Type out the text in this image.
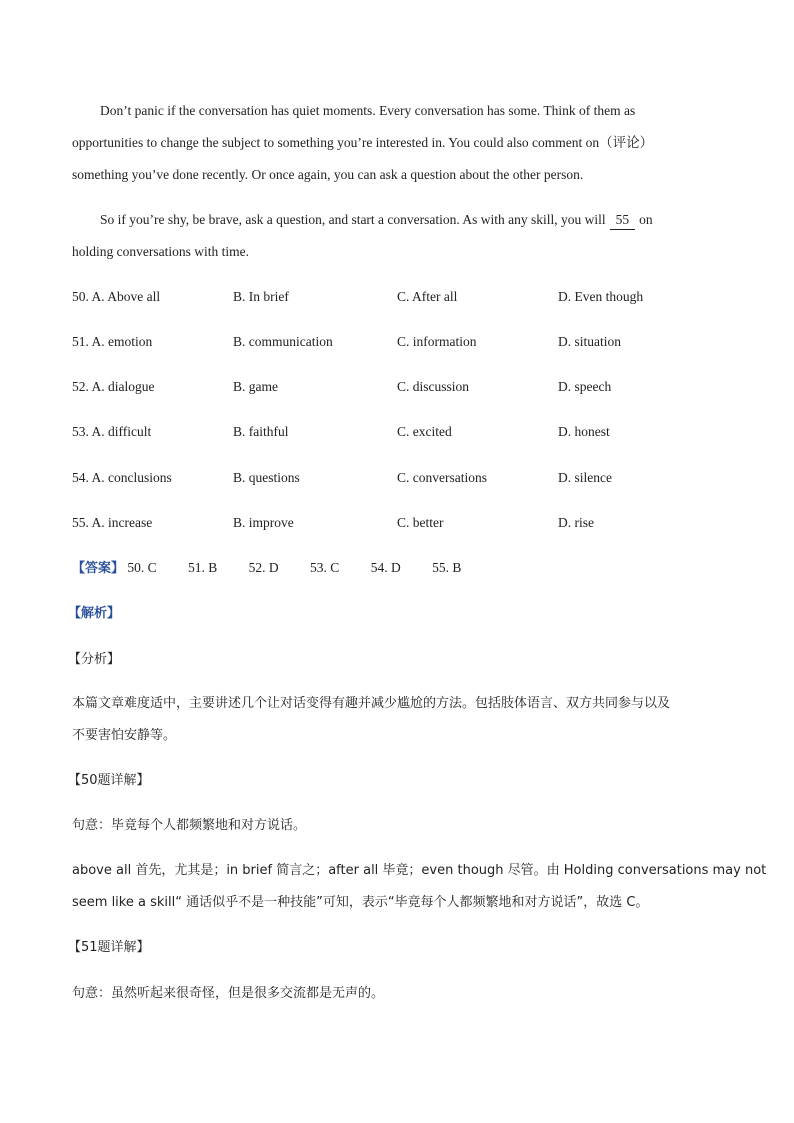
Don’t panic if the conversation has quiet moments. Every conversation has some. Think of them as
opportunities to change the subject to something you’re interested in. You could also comment on（评论）
something you’ve done recently. Or once again, you can ask a question about the other person.
So if you’re shy, be brave, ask a question, and start a conversation. As with any skill, you will 55 on
holding conversations with time.
50. A. Above all	B. In brief	C. After all	D. Even though
51. A. emotion	B. communication	C. information	D. situation
52. A. dialogue	B. game	C. discussion	D. speech
53. A. difficult	B. faithful	C. excited	D. honest
54. A. conclusions	B. questions	C. conversations	D. silence
55. A. increase	B. improve	C. better	D. rise
【答案】 50. C 51. B 52. D 53. C 54. D 55. B
【解析】
【分析】
本篇文章难度适中，主要讲述几个让对话变得有趣并减少尴尬的方法。包括肢体语言、双方共同参与以及
不要害怕安静等。
【50题详解】
句意：毕竟每个人都频繁地和对方说话。
above all 首先，尤其是；in brief 简言之；after all 毕竟；even though 尽管。由 Holding conversations may not
seem like a skill“ 通话似乎不是一种技能”可知，表示“毕竟每个人都频繁地和对方说话”，故选 C。
【51题详解】
句意：虽然听起来很奇怪，但是很多交流都是无声的。
